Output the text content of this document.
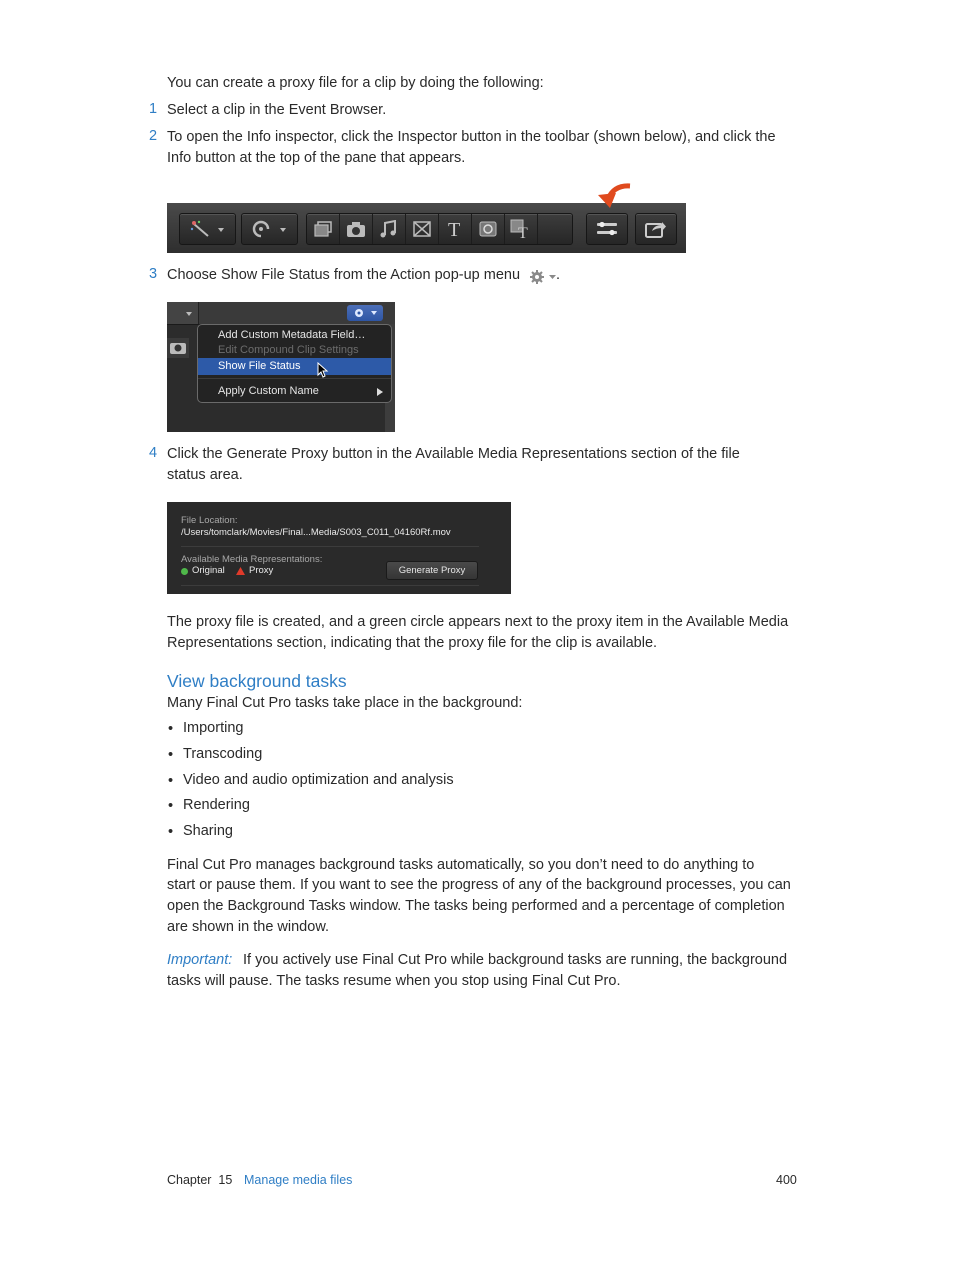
You can create a proxy file for a clip by doing the following:
1 Select a clip in the Event Browser.
2 To open the Info inspector, click the Inspector button in the toolbar (shown below), and click the
Info button at the top of the pane that appears.
T	T
3 Choose Show File Status from the Action pop-up menu .
Add Custom Metadata Field…
Edit Compound Clip Settings
Show File Status
Apply Custom Name
4 Click the Generate Proxy button in the Available Media Representations section of the file
status area.
File Location:
/Users/tomclark/Movies/Final...Media/S003_C011_04160Rf.mov
Available Media Representations:
Original	Proxy	Generate Proxy
The proxy file is created, and a green circle appears next to the proxy item in the Available Media
Representations section, indicating that the proxy file for the clip is available.
View background tasks
Many Final Cut Pro tasks take place in the background:
• Importing
• Transcoding
• Video and audio optimization and analysis
• Rendering
• Sharing
Final Cut Pro manages background tasks automatically, so you don’t need to do anything to
start or pause them. If you want to see the progress of any of the background processes, you can
open the Background Tasks window. The tasks being performed and a percentage of completion
are shown in the window.
Important: If you actively use Final Cut Pro while background tasks are running, the background
tasks will pause. The tasks resume when you stop using Final Cut Pro.
Chapter  15 Manage media files	400
